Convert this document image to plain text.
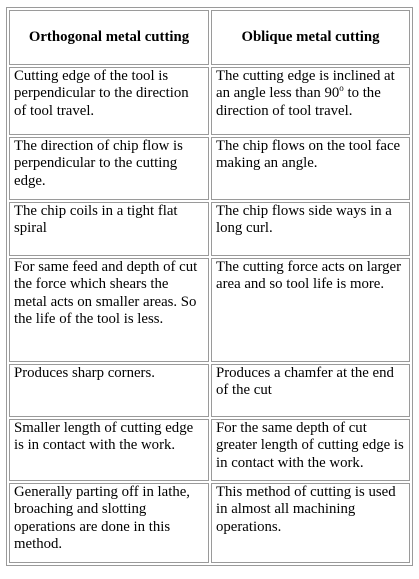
Orthogonal metal cutting	Oblique metal cutting
Cutting edge of the tool is perpendicular to the direction of tool travel.	The cutting edge is inclined at an angle less than 90$^o$ to the direction of tool travel.
The direction of chip flow is perpendicular to the cutting edge.	The chip flows on the tool face making an angle.
The chip coils in a tight flat spiral	The chip flows side ways in a long curl.
For same feed and depth of cut the force which shears the metal acts on smaller areas. So the life of the tool is less.	The cutting force acts on larger area and so tool life is more.
Produces sharp corners.	Produces a chamfer at the end of the cut
Smaller length of cutting edge is in contact with the work.	For the same depth of cut greater length of cutting edge is in contact with the work.
Generally parting off in lathe, broaching and slotting operations are done in this method.	This method of cutting is used in almost all machining operations.
